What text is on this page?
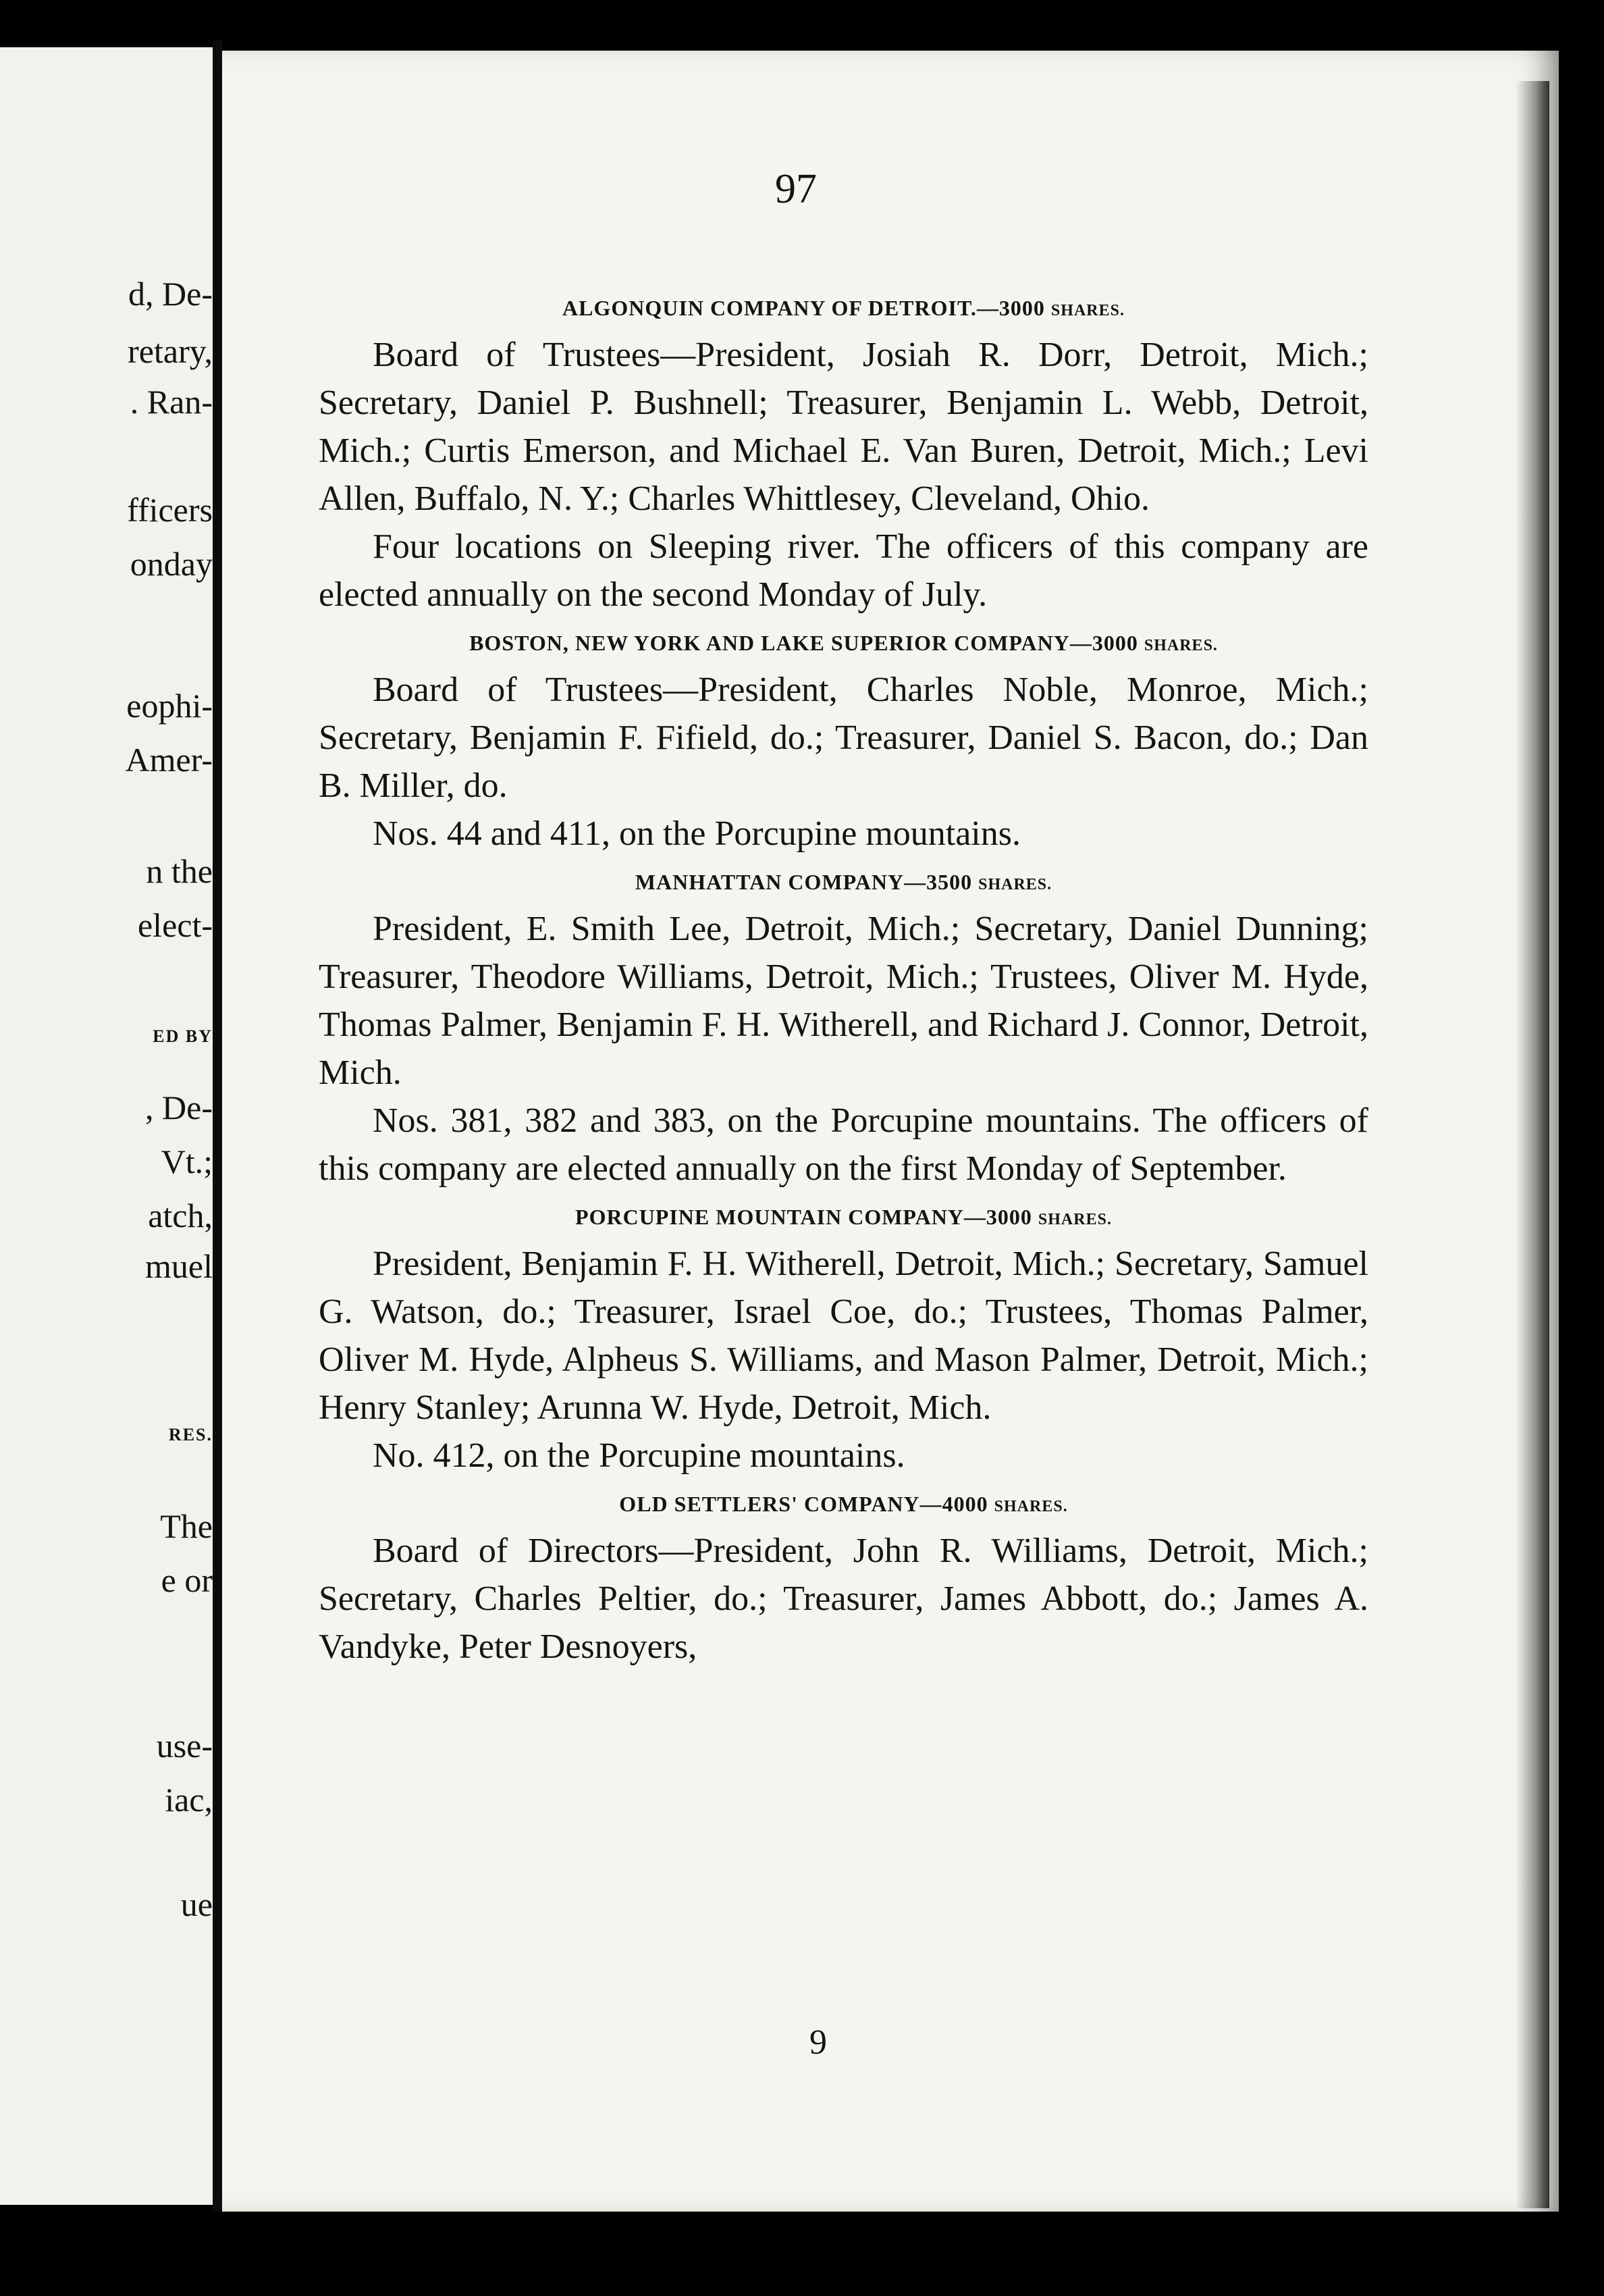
d, De-
retary,
. Ran-
fficers
onday
eophi-
Amer-
n the
elect-
ED BY
, De-
Vt.;
atch,
muel
RES.
The
e or
use-
iac,
ue
97
ALGONQUIN COMPANY OF DETROIT.—3000 SHARES.

Board of Trustees—President, Josiah R. Dorr, Detroit, Mich.; Secretary, Daniel P. Bushnell; Treasurer, Benjamin L. Webb, Detroit, Mich.; Curtis Emerson, and Michael E. Van Buren, Detroit, Mich.; Levi Allen, Buffalo, N. Y.; Charles Whittlesey, Cleveland, Ohio.

Four locations on Sleeping river. The officers of this company are elected annually on the second Monday of July.

BOSTON, NEW YORK AND LAKE SUPERIOR COMPANY—3000 SHARES.

Board of Trustees—President, Charles Noble, Monroe, Mich.; Secretary, Benjamin F. Fifield, do.; Treasurer, Daniel S. Bacon, do.; Dan B. Miller, do.

Nos. 44 and 411, on the Porcupine mountains.

MANHATTAN COMPANY—3500 SHARES.

President, E. Smith Lee, Detroit, Mich.; Secretary, Daniel Dunning; Treasurer, Theodore Williams, Detroit, Mich.; Trustees, Oliver M. Hyde, Thomas Palmer, Benjamin F. H. Witherell, and Richard J. Connor, Detroit, Mich.

Nos. 381, 382 and 383, on the Porcupine mountains. The officers of this company are elected annually on the first Monday of September.

PORCUPINE MOUNTAIN COMPANY—3000 SHARES.

President, Benjamin F. H. Witherell, Detroit, Mich.; Secretary, Samuel G. Watson, do.; Treasurer, Israel Coe, do.; Trustees, Thomas Palmer, Oliver M. Hyde, Alpheus S. Williams, and Mason Palmer, Detroit, Mich.; Henry Stanley; Arunna W. Hyde, Detroit, Mich.

No. 412, on the Porcupine mountains.

OLD SETTLERS' COMPANY—4000 SHARES.

Board of Directors—President, John R. Williams, Detroit, Mich.; Secretary, Charles Peltier, do.; Treasurer, James Abbott, do.; James A. Vandyke, Peter Desnoyers,

9
